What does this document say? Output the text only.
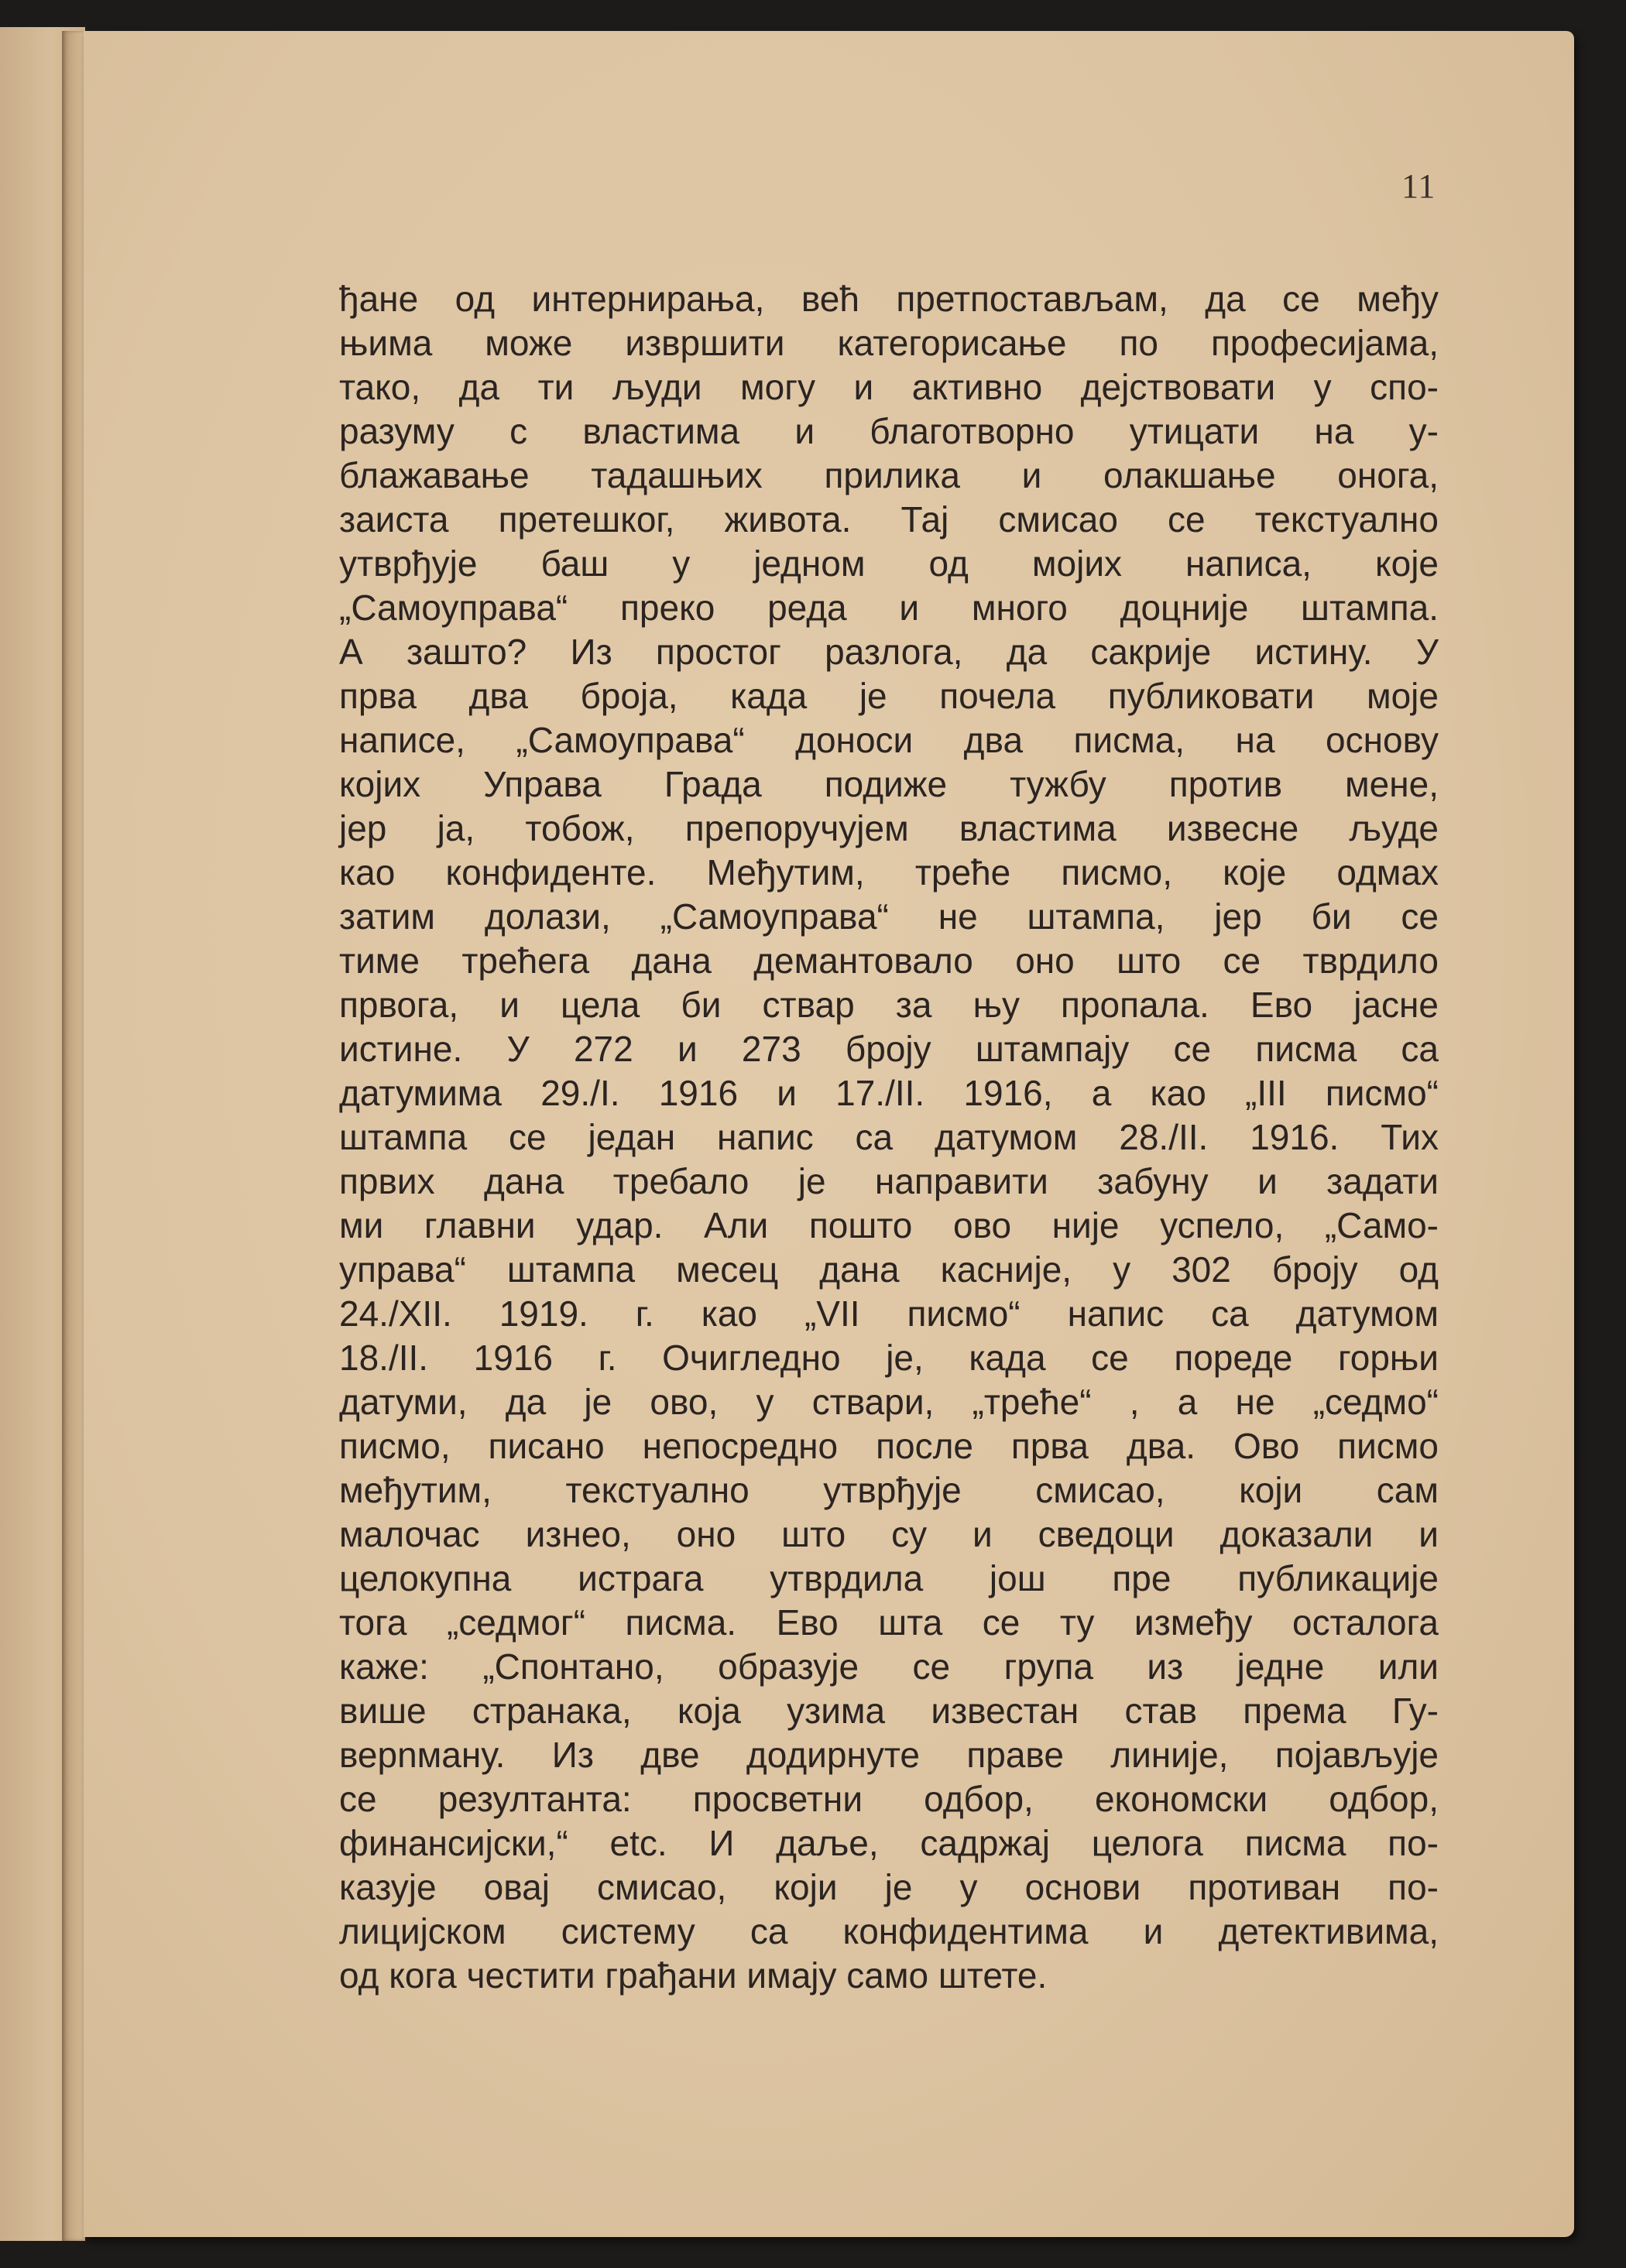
11
ђане од интернирања, већ претпостављам, да се међу
њима може извршити категорисање по професијама,
тако, да ти људи могу и активно дејствовати у спо-
разуму с властима и благотворно утицати на у-
блажавање тадашњих прилика и олакшање онога,
заиста претешког, живота. Тај смисао се текстуално
утврђује баш у једном од мојих написа, које
„Самоуправа“ преко реда и много доцније штампа.
А зашто? Из простог разлога, да сакрије истину. У
прва два броја, када је почела публиковати моје
написе, „Самоуправа“ доноси два писма, на основу
којих Управа Града подиже тужбу против мене,
јер ја, тобож, препоручујем властима извесне људе
као конфиденте. Међутим, треће писмо, које одмах
затим долази, „Самоуправа“ не штампа, јер би се
тиме трећега дана демантовало оно што се тврдило
првога, и цела би ствар за њу пропала. Ево јасне
истине. У 272 и 273 броју штампају се писма са
датумима 29./I. 1916 и 17./II. 1916, а као „III писмо“
штампа се један напис са датумом 28./II. 1916. Тих
првих дана требало је направити забуну и задати
ми главни удар. Али пошто ово није успело, „Само-
управа“ штампа месец дана касније, у 302 броју од
24./XII. 1919. г. као „VII писмо“ напис са датумом
18./II. 1916 г. Очигледно је, када се пореде горњи
датуми, да је ово, у ствари, „треће“ , а не „седмо“
писмо, писано непосредно после прва два. Ово писмо
међутим, текстуално утврђује смисао, који сам
малочас изнео, оно што су и сведоци доказали и
целокупна истрага утврдила још пре публикације
тога „седмог“ писма. Ево шта се ту између осталога
каже: „Спонтано, образује се група из једне или
више странака, која узима известан став према Гу-
верnману. Из две додирнуте праве линије, појављује
се резултанта: просветни одбор, економски одбор,
финансијски,“ etc. И даље, садржај целога писма по-
казује овај смисао, који је у основи противан по-
лицијском систему са конфидентима и детективима,
од кога честити грађани имају само штете.
